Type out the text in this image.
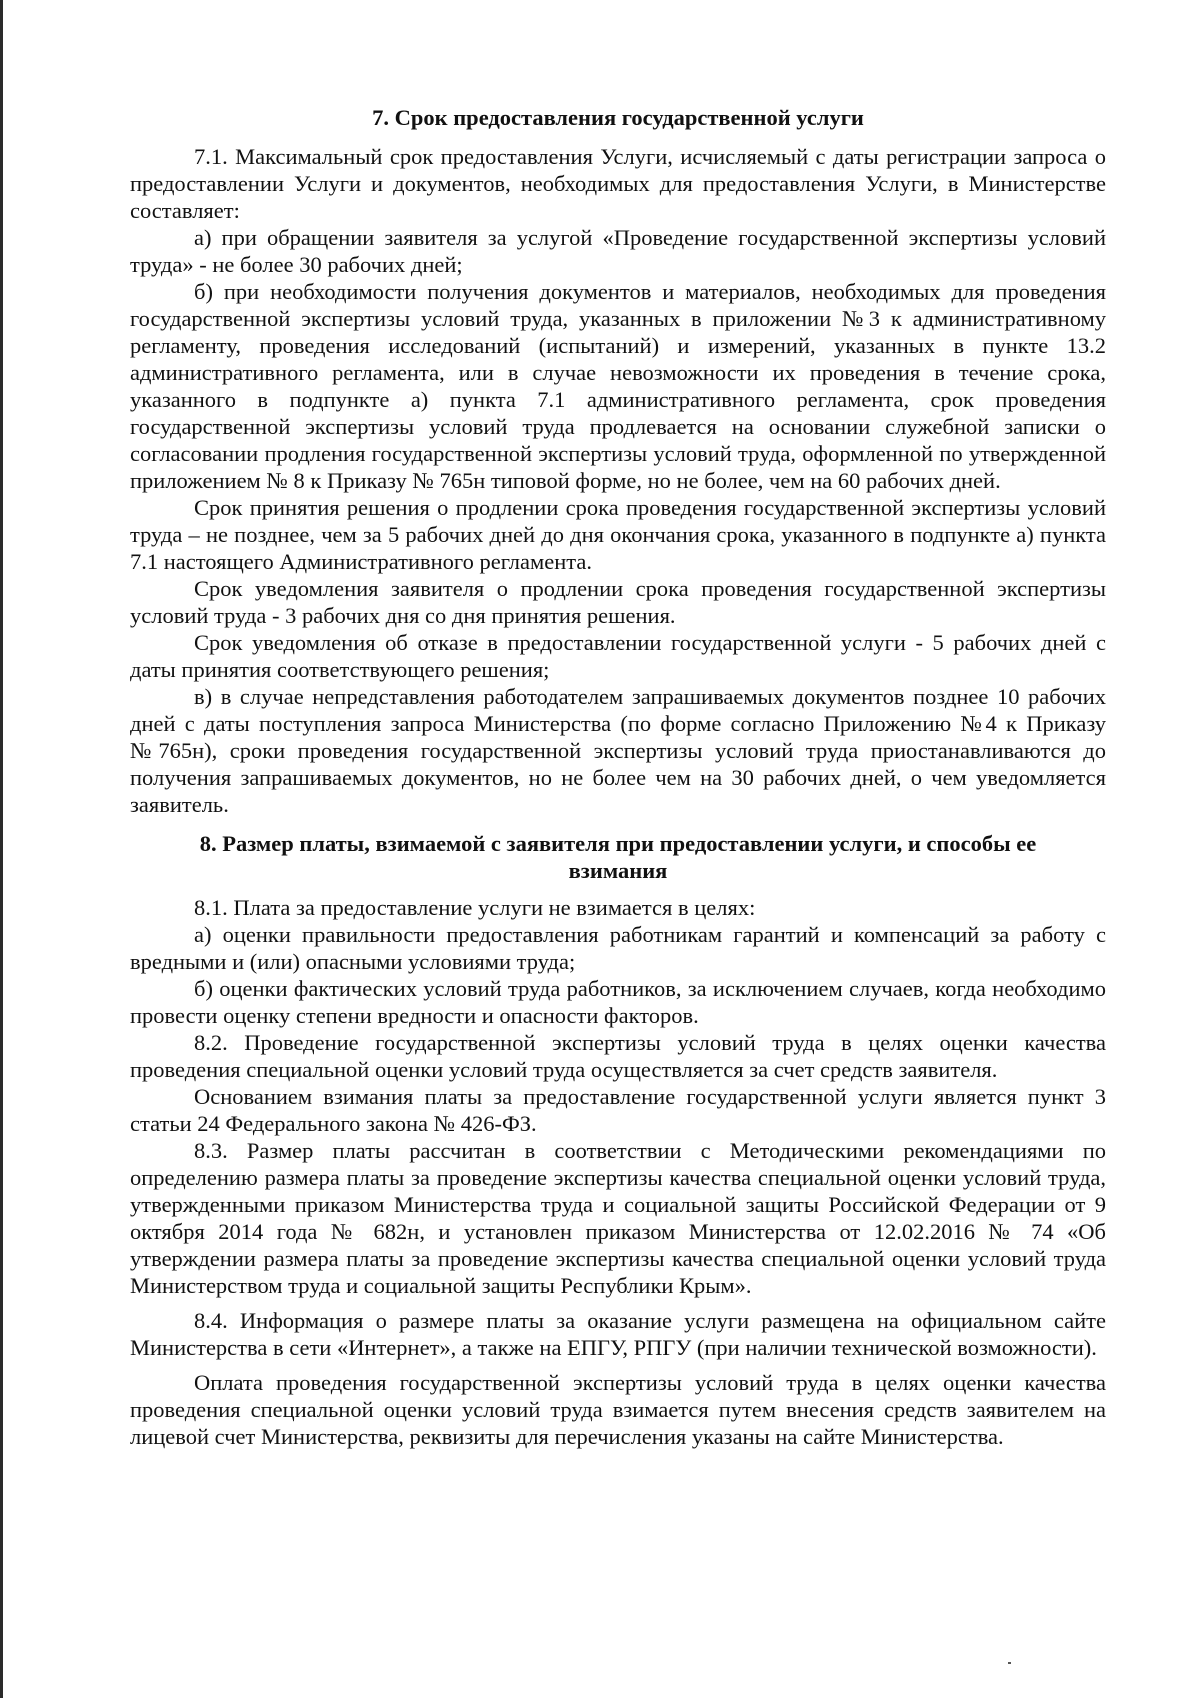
7. Срок предоставления государственной услуги

7.1. Максимальный срок предоставления Услуги, исчисляемый с даты регистрации запроса о предоставлении Услуги и документов, необходимых для предоставления Услуги, в Министерстве составляет:

а) при обращении заявителя за услугой «Проведение государственной экспертизы условий труда» - не более 30 рабочих дней;

б) при необходимости получения документов и материалов, необходимых для проведения государственной экспертизы условий труда, указанных в приложении №3 к административному регламенту, проведения исследований (испытаний) и измерений, указанных в пункте 13.2 административного регламента, или в случае невозможности их проведения в течение срока, указанного в подпункте а) пункта 7.1 административного регламента, срок проведения государственной экспертизы условий труда продлевается на основании служебной записки о согласовании продления государственной экспертизы условий труда, оформленной по утвержденной приложением № 8 к Приказу № 765н типовой форме, но не более, чем на 60 рабочих дней.

Срок принятия решения о продлении срока проведения государственной экспертизы условий труда – не позднее, чем за 5 рабочих дней до дня окончания срока, указанного в подпункте а) пункта 7.1 настоящего Административного регламента.

Срок уведомления заявителя о продлении срока проведения государственной экспертизы условий труда - 3 рабочих дня со дня принятия решения.

Срок уведомления об отказе в предоставлении государственной услуги - 5 рабочих дней с даты принятия соответствующего решения;

в) в случае непредставления работодателем запрашиваемых документов позднее 10 рабочих дней с даты поступления запроса Министерства (по форме согласно Приложению №4 к Приказу №765н), сроки проведения государственной экспертизы условий труда приостанавливаются до получения запрашиваемых документов, но не более чем на 30 рабочих дней, о чем уведомляется заявитель.

8. Размер платы, взимаемой с заявителя при предоставлении услуги, и способы ее взимания

8.1. Плата за предоставление услуги не взимается в целях:

а) оценки правильности предоставления работникам гарантий и компенсаций за работу с вредными и (или) опасными условиями труда;

б) оценки фактических условий труда работников, за исключением случаев, когда необходимо провести оценку степени вредности и опасности факторов.

8.2. Проведение государственной экспертизы условий труда в целях оценки качества проведения специальной оценки условий труда осуществляется за счет средств заявителя.

Основанием взимания платы за предоставление государственной услуги является пункт 3 статьи 24 Федерального закона № 426-ФЗ.

8.3. Размер платы рассчитан в соответствии с Методическими рекомендациями по определению размера платы за проведение экспертизы качества специальной оценки условий труда, утвержденными приказом Министерства труда и социальной защиты Российской Федерации от 9 октября 2014 года № 682н, и установлен приказом Министерства от 12.02.2016 № 74 «Об утверждении размера платы за проведение экспертизы качества специальной оценки условий труда Министерством труда и социальной защиты Республики Крым».

8.4. Информация о размере платы за оказание услуги размещена на официальном сайте Министерства в сети «Интернет», а также на ЕПГУ, РПГУ (при наличии технической возможности).

Оплата проведения государственной экспертизы условий труда в целях оценки качества проведения специальной оценки условий труда взимается путем внесения средств заявителем на лицевой счет Министерства, реквизиты для перечисления указаны на сайте Министерства.
